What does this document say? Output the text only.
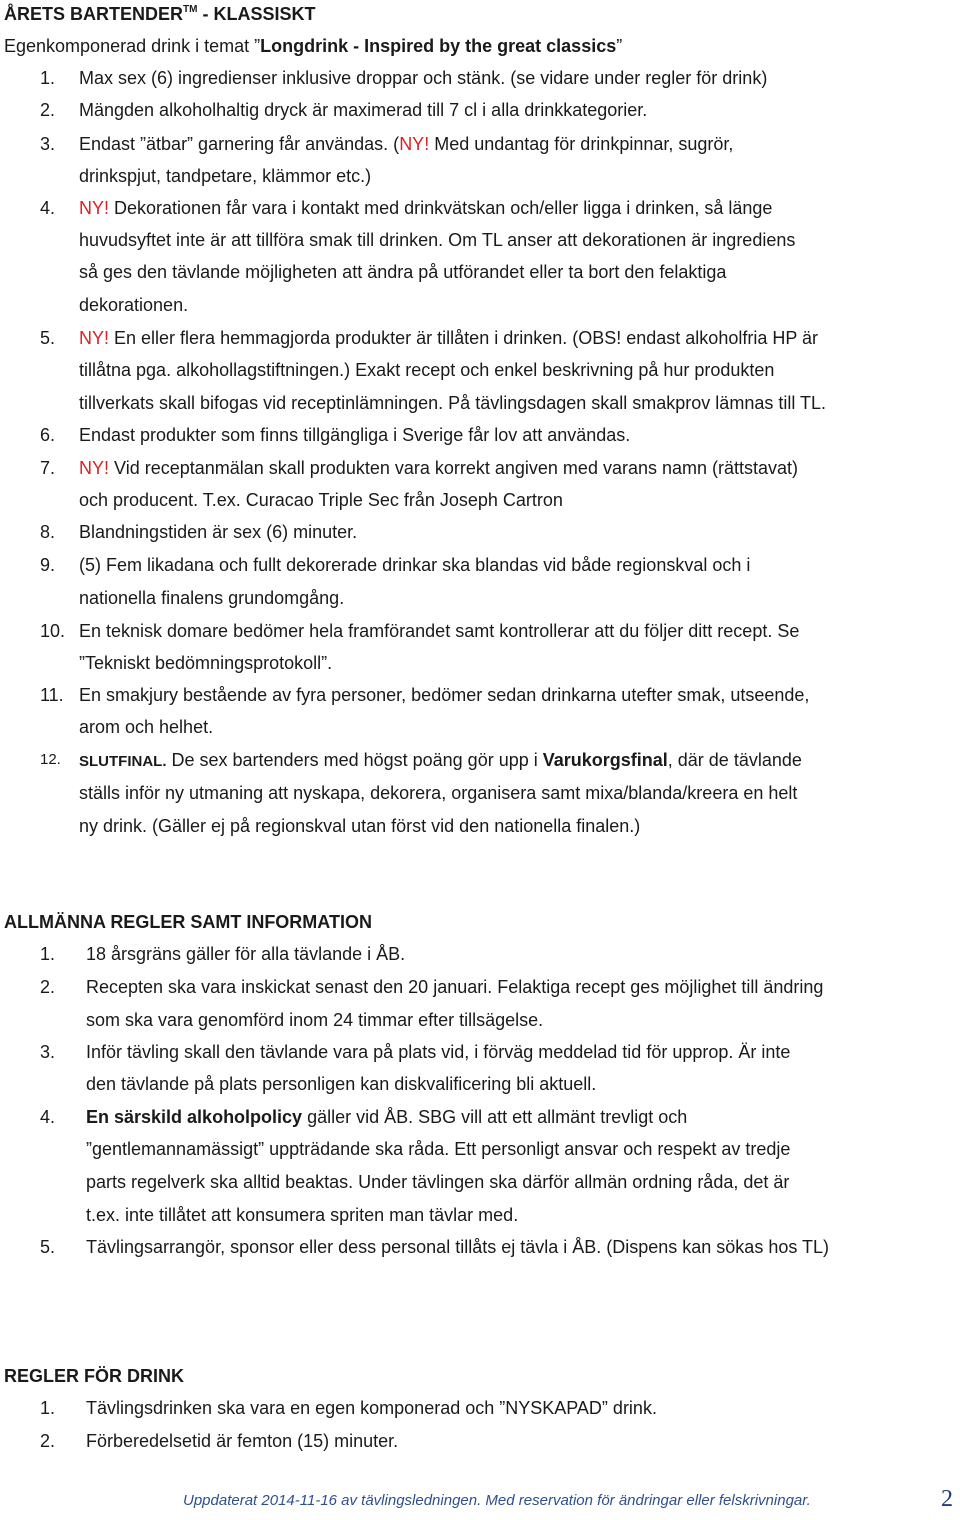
ÅRETS BARTENDER™ - KLASSISKT
Egenkomponerad drink i temat ”Longdrink - Inspired by the great classics”
1. Max sex (6) ingredienser inklusive droppar och stänk. (se vidare under regler för drink)
2. Mängden alkoholhaltig dryck är maximerad till 7 cl i alla drinkkategorier.
3. Endast ”ätbar” garnering får användas. (NY! Med undantag för drinkpinnar, sugrör,
drinkspjut, tandpetare, klämmor etc.)
4. NY! Dekorationen får vara i kontakt med drinkvätskan och/eller ligga i drinken, så länge
huvudsyftet inte är att tillföra smak till drinken. Om TL anser att dekorationen är ingrediens
så ges den tävlande möjligheten att ändra på utförandet eller ta bort den felaktiga
dekorationen.
5. NY! En eller flera hemmagjorda produkter är tillåten i drinken. (OBS! endast alkoholfria HP är
tillåtna pga. alkohollagstiftningen.) Exakt recept och enkel beskrivning på hur produkten
tillverkats skall bifogas vid receptinlämningen. På tävlingsdagen skall smakprov lämnas till TL.
6. Endast produkter som finns tillgängliga i Sverige får lov att användas.
7. NY! Vid receptanmälan skall produkten vara korrekt angiven med varans namn (rättstavat)
och producent. T.ex. Curacao Triple Sec från Joseph Cartron
8. Blandningstiden är sex (6) minuter.
9. (5) Fem likadana och fullt dekorerade drinkar ska blandas vid både regionskval och i
nationella finalens grundomgång.
10. En teknisk domare bedömer hela framförandet samt kontrollerar att du följer ditt recept. Se
”Tekniskt bedömningsprotokoll”.
11. En smakjury bestående av fyra personer, bedömer sedan drinkarna utefter smak, utseende,
arom och helhet.
12. SLUTFINAL. De sex bartenders med högst poäng gör upp i Varukorgsfinal, där de tävlande
ställs inför ny utmaning att nyskapa, dekorera, organisera samt mixa/blanda/kreera en helt
ny drink. (Gäller ej på regionskval utan först vid den nationella finalen.)
ALLMÄNNA REGLER SAMT INFORMATION
1. 18 årsgräns gäller för alla tävlande i ÅB.
2. Recepten ska vara inskickat senast den 20 januari. Felaktiga recept ges möjlighet till ändring
som ska vara genomförd inom 24 timmar efter tillsägelse.
3. Inför tävling skall den tävlande vara på plats vid, i förväg meddelad tid för upprop. Är inte
den tävlande på plats personligen kan diskvalificering bli aktuell.
4. En särskild alkoholpolicy gäller vid ÅB. SBG vill att ett allmänt trevligt och
”gentlemannamässigt” uppträdande ska råda. Ett personligt ansvar och respekt av tredje
parts regelverk ska alltid beaktas. Under tävlingen ska därför allmän ordning råda, det är
t.ex. inte tillåtet att konsumera spriten man tävlar med.
5. Tävlingsarrangör, sponsor eller dess personal tillåts ej tävla i ÅB. (Dispens kan sökas hos TL)
REGLER FÖR DRINK
1. Tävlingsdrinken ska vara en egen komponerad och ”NYSKAPAD” drink.
2. Förberedelsetid är femton (15) minuter.
Uppdaterat 2014-11-16 av tävlingsledningen. Med reservation för ändringar eller felskrivningar.	2
